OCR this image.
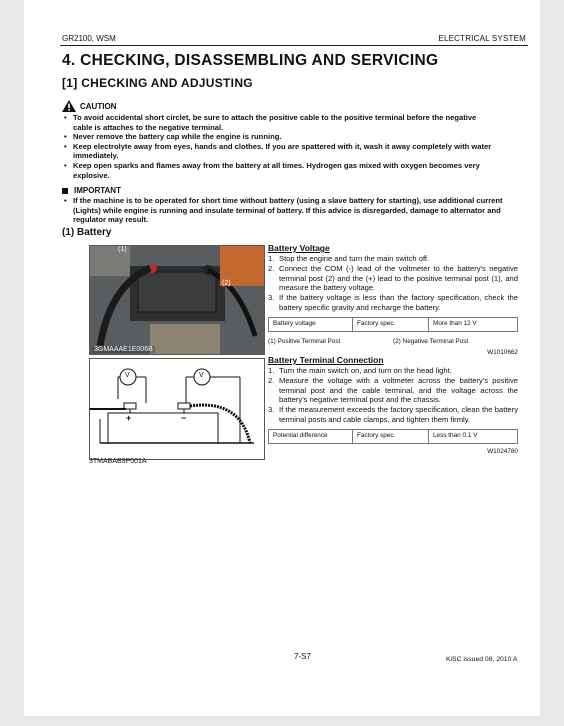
GR2100, WSM	ELECTRICAL SYSTEM
4. CHECKING, DISASSEMBLING AND SERVICING
[1] CHECKING AND ADJUSTING
CAUTION
• To avoid accidental short circlet, be sure to attach the positive cable to the positive terminal before the negative cable is attaches to the negative terminal.
• Never remove the battery cap while the engine is running.
• Keep electrolyte away from eyes, hands and clothes. If you are spattered with it, wash it away completely with water immediately.
• Keep open sparks and flames away from the battery at all times. Hydrogen gas mixed with oxygen becomes very explosive.
IMPORTANT
• If the machine is to be operated for short time without battery (using a slave battery for starting), use additional current (Lights) while engine is running and insulate terminal of battery. If this advice is disregarded, damage to alternator and regulator may result.
(1) Battery
(1)
(2)
3GMAAAE1E006B
V	V
+	−
3TMABAB9P001A
Battery Voltage
1. Stop the engine and turn the main switch off.
2. Connect the COM (-) lead of the voltmeter to the battery's negative terminal post (2) and the (+) lead to the positive terminal post (1), and measure the battery voltage.
3. If the battery voltage is less than the factory specification, check the battery specific gravity and recharge the battery.
Battery voltage	Factory spec.	More than 12 V
(1) Positive Terminal Post	(2) Negative Terminal Post
W1010662
Battery Terminal Connection
1. Turn the main switch on, and turn on the head light.
2. Measure the voltage with a voltmeter across the battery's positive terminal post and the cable terminal, and the voltage across the battery's negative terminal post and the chassis.
3. If the measurement exceeds the factory specification, clean the battery terminal posts and cable clamps, and tighten them firmly.
Potential difference	Factory spec.	Less than 0.1 V
W1024780
7-S7	KiSC issued 08, 2010 A
